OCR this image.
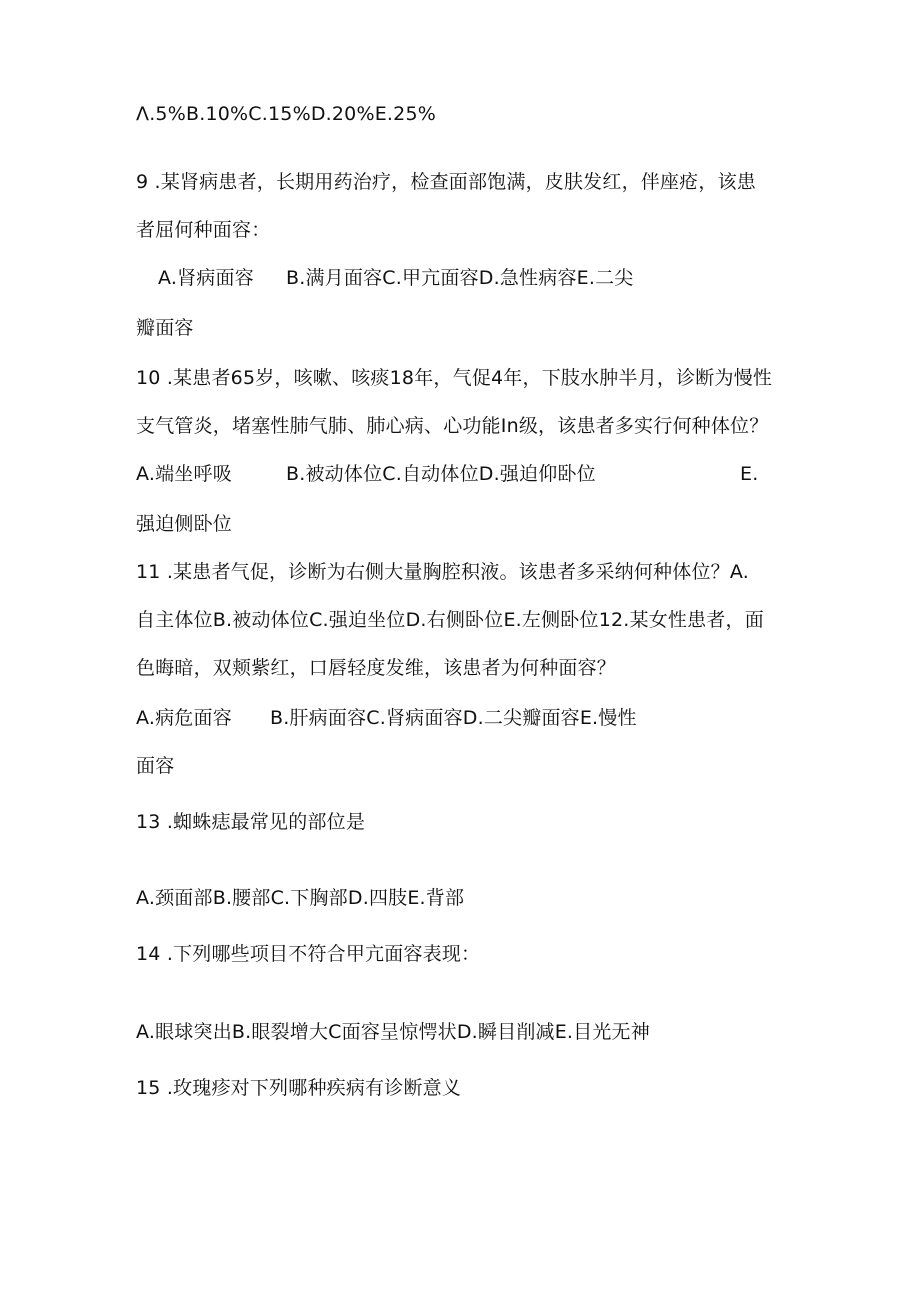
Λ.5%B.10%C.15%D.20%E.25%

9 .某肾病患者，长期用药治疗，检查面部饱满，皮肤发红，伴座疮，该患

者屈何种面容：

A.肾病面容 B.满月面容C.甲亢面容D.急性病容E.二尖

瓣面容

10 .某患者65岁，咳嗽、咳痰18年，气促4年，下肢水肿半月，诊断为慢性

支气管炎，堵塞性肺气肺、肺心病、心功能In级，该患者多实行何种体位？

A.端坐呼吸	B.被动体位C.自动体位D.强迫仰卧位	E.

强迫侧卧位

11 .某患者气促，诊断为右侧大量胸腔积液。该患者多采纳何种体位？A.

自主体位B.被动体位C.强迫坐位D.右侧卧位E.左侧卧位12.某女性患者，面

色晦暗，双颊紫红，口唇轻度发维，该患者为何种面容？

A.病危面容 B.肝病面容C.肾病面容D.二尖瓣面容E.慢性

面容

13 .蜘蛛痣最常见的部位是

A.颈面部B.腰部C.下胸部D.四肢E.背部

14 .下列哪些项目不符合甲亢面容表现：

A.眼球突出B.眼裂增大C面容呈惊愕状D.瞬目削减E.目光无神

15 .玫瑰疹对下列哪种疾病有诊断意义
